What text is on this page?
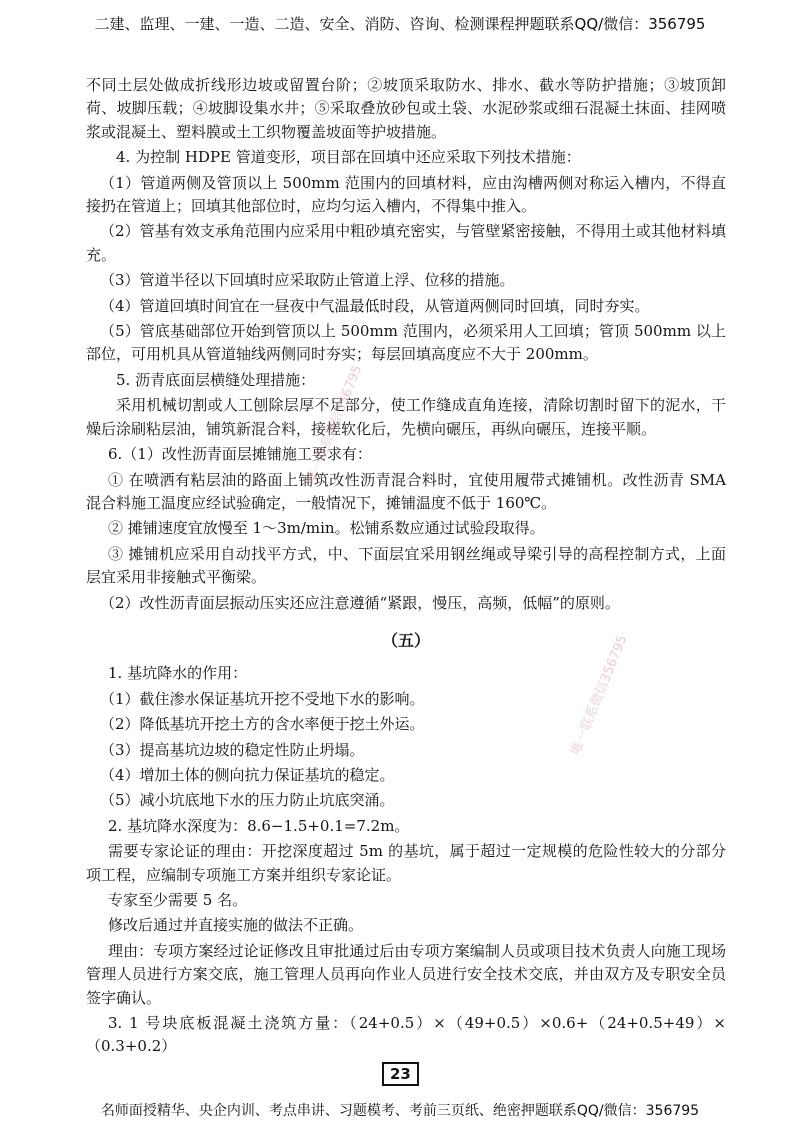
二建、监理、一建、一造、二造、安全、消防、咨询、检测课程押题联系QQ/微信：356795

不同土层处做成折线形边坡或留置台阶；②坡顶采取防水、排水、截水等防护措施；③坡顶卸荷、坡脚压载；④坡脚设集水井；⑤采取叠放砂包或土袋、水泥砂浆或细石混凝土抹面、挂网喷浆或混凝土、塑料膜或土工织物覆盖坡面等护坡措施。

4. 为控制 HDPE 管道变形，项目部在回填中还应采取下列技术措施：

（1）管道两侧及管顶以上 500mm 范围内的回填材料，应由沟槽两侧对称运入槽内，不得直接扔在管道上；回填其他部位时，应均匀运入槽内，不得集中推入。

（2）管基有效支承角范围内应采用中粗砂填充密实，与管壁紧密接触，不得用土或其他材料填充。

（3）管道半径以下回填时应采取防止管道上浮、位移的措施。

（4）管道回填时间宜在一昼夜中气温最低时段，从管道两侧同时回填，同时夯实。

（5）管底基础部位开始到管顶以上 500mm 范围内，必须采用人工回填；管顶 500mm 以上部位，可用机具从管道轴线两侧同时夯实；每层回填高度应不大于 200mm。

5. 沥青底面层横缝处理措施：

采用机械切割或人工刨除层厚不足部分，使工作缝成直角连接，清除切割时留下的泥水，干燥后涂刷粘层油，铺筑新混合料，接槎软化后，先横向碾压，再纵向碾压，连接平顺。

6.（1）改性沥青面层摊铺施工要求有：

① 在喷洒有粘层油的路面上铺筑改性沥青混合料时，宜使用履带式摊铺机。改性沥青 SMA 混合料施工温度应经试验确定，一般情况下，摊铺温度不低于 160℃。

② 摊铺速度宜放慢至 1～3m/min。松铺系数应通过试验段取得。

③ 摊铺机应采用自动找平方式，中、下面层宜采用钢丝绳或导梁引导的高程控制方式，上面层宜采用非接触式平衡梁。

（2）改性沥青面层振动压实还应注意遵循“紧跟，慢压，高频，低幅”的原则。

（五）

1. 基坑降水的作用：

（1）截住渗水保证基坑开挖不受地下水的影响。

（2）降低基坑开挖土方的含水率便于挖土外运。

（3）提高基坑边坡的稳定性防止坍塌。

（4）增加土体的侧向抗力保证基坑的稳定。

（5）减小坑底地下水的压力防止坑底突涌。

2. 基坑降水深度为：8.6−1.5+0.1=7.2m。

需要专家论证的理由：开挖深度超过 5m 的基坑，属于超过一定规模的危险性较大的分部分项工程，应编制专项施工方案并组织专家论证。

专家至少需要 5 名。

修改后通过并直接实施的做法不正确。

理由：专项方案经过论证修改且审批通过后由专项方案编制人员或项目技术负责人向施工现场管理人员进行方案交底，施工管理人员再向作业人员进行安全技术交底，并由双方及专职安全员签字确认。

3. 1 号块底板混凝土浇筑方量：（24+0.5）×（49+0.5）×0.6+（24+0.5+49）×（0.3+0.2）

唯一联系微信356795
唯一联系微信356795
23
名师面授精华、央企内训、考点串讲、习题模考、考前三页纸、绝密押题联系QQ/微信：356795
